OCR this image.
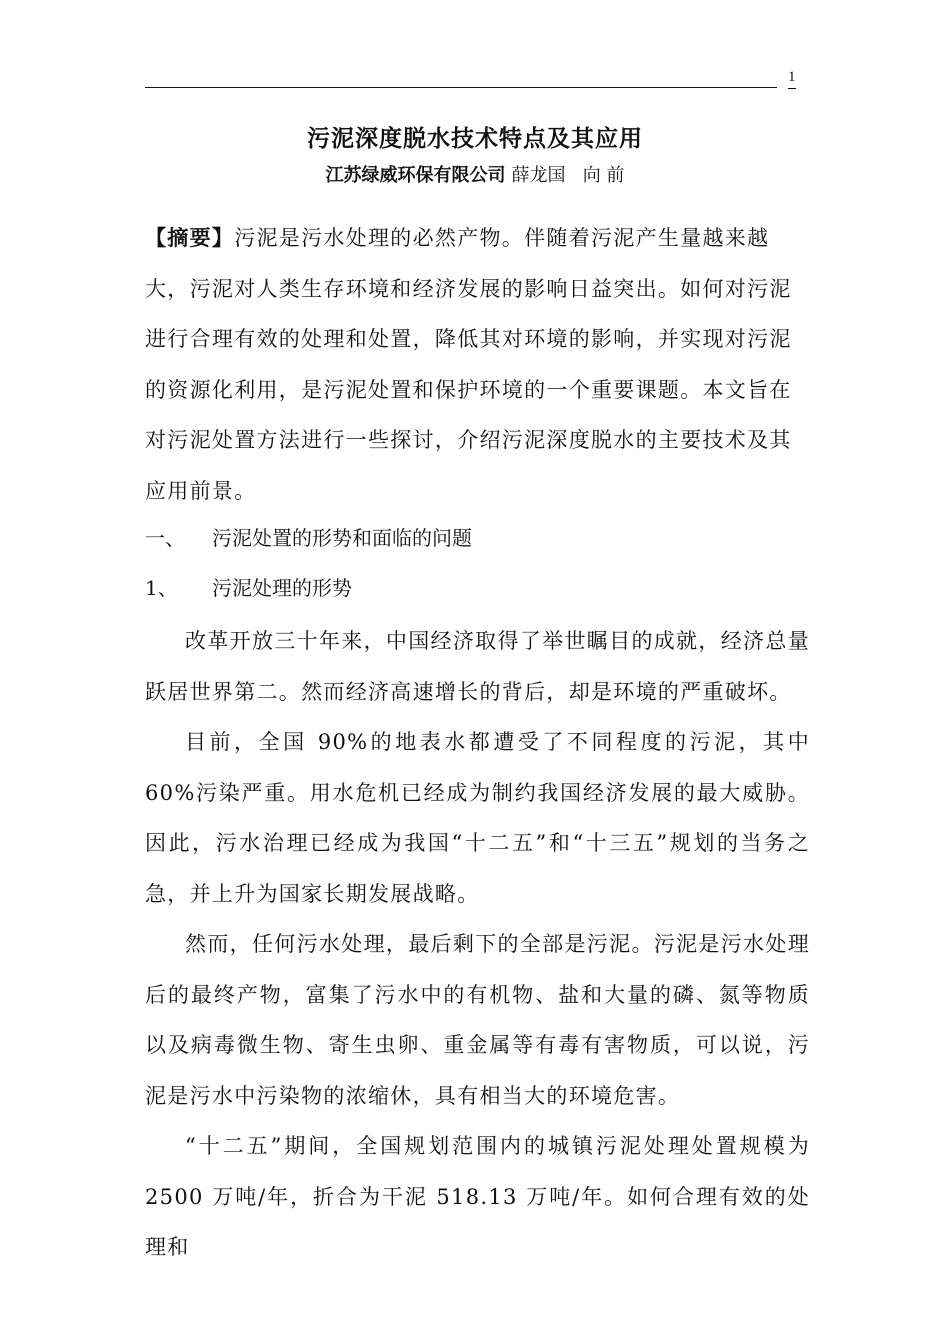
1
污泥深度脱水技术特点及其应用
江苏绿威环保有限公司 薛龙国   向 前
【摘要】污泥是污水处理的必然产物。伴随着污泥产生量越来越大，污泥对人类生存环境和经济发展的影响日益突出。如何对污泥进行合理有效的处理和处置，降低其对环境的影响，并实现对污泥的资源化利用，是污泥处置和保护环境的一个重要课题。本文旨在对污泥处置方法进行一些探讨，介绍污泥深度脱水的主要技术及其应用前景。
一、 污泥处置的形势和面临的问题
1、 污泥处理的形势

改革开放三十年来，中国经济取得了举世瞩目的成就，经济总量跃居世界第二。然而经济高速增长的背后，却是环境的严重破坏。

目前，全国 90%的地表水都遭受了不同程度的污泥，其中 60%污染严重。用水危机已经成为制约我国经济发展的最大威胁。因此，污水治理已经成为我国“十二五”和“十三五”规划的当务之急，并上升为国家长期发展战略。

然而，任何污水处理，最后剩下的全部是污泥。污泥是污水处理后的最终产物，富集了污水中的有机物、盐和大量的磷、氮等物质以及病毒微生物、寄生虫卵、重金属等有毒有害物质，可以说，污泥是污水中污染物的浓缩休，具有相当大的环境危害。

“十二五”期间，全国规划范围内的城镇污泥处理处置规模为2500 万吨/年，折合为干泥 518.13 万吨/年。如何合理有效的处理和
